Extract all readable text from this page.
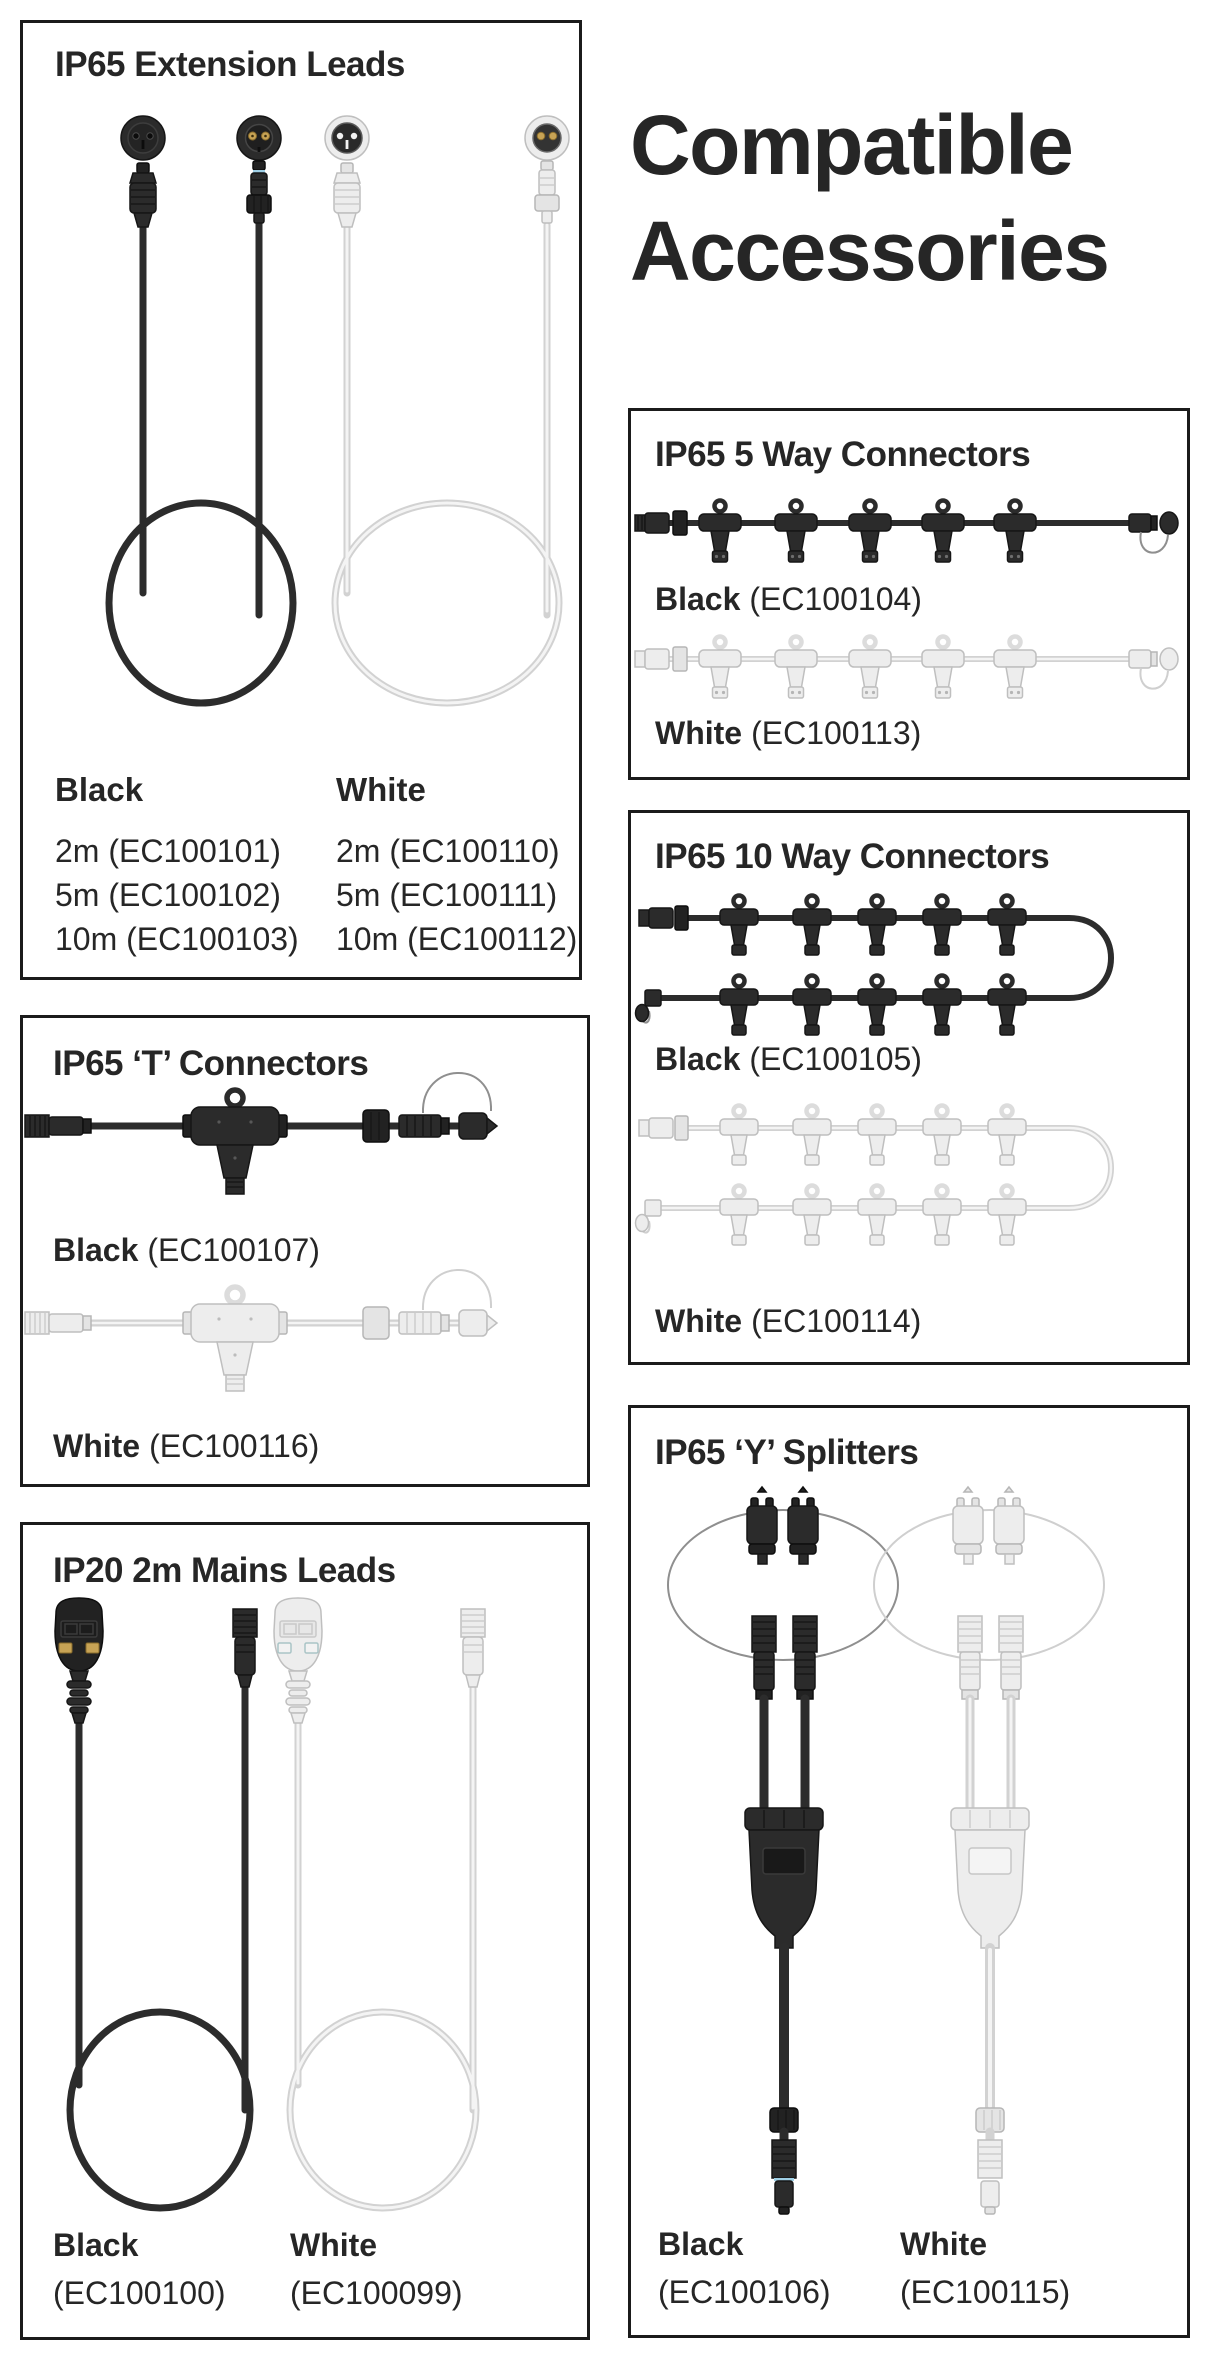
Compatible
Accessories
IP65 Extension Leads
Black
2m (EC100101)
5m (EC100102)
10m (EC100103)
White
2m (EC100110)
5m (EC100111)
10m (EC100112)
IP65 5 Way Connectors

Black (EC100104)

White (EC100113)

IP65 10 Way Connectors

Black (EC100105)

White (EC100114)

IP65 ‘T’ Connectors

Black (EC100107)

White (EC100116)

IP20 2m Mains Leads

Black
(EC100100)

White
(EC100099)

IP65 ‘Y’ Splitters

Black
(EC100106)

White
(EC100115)
